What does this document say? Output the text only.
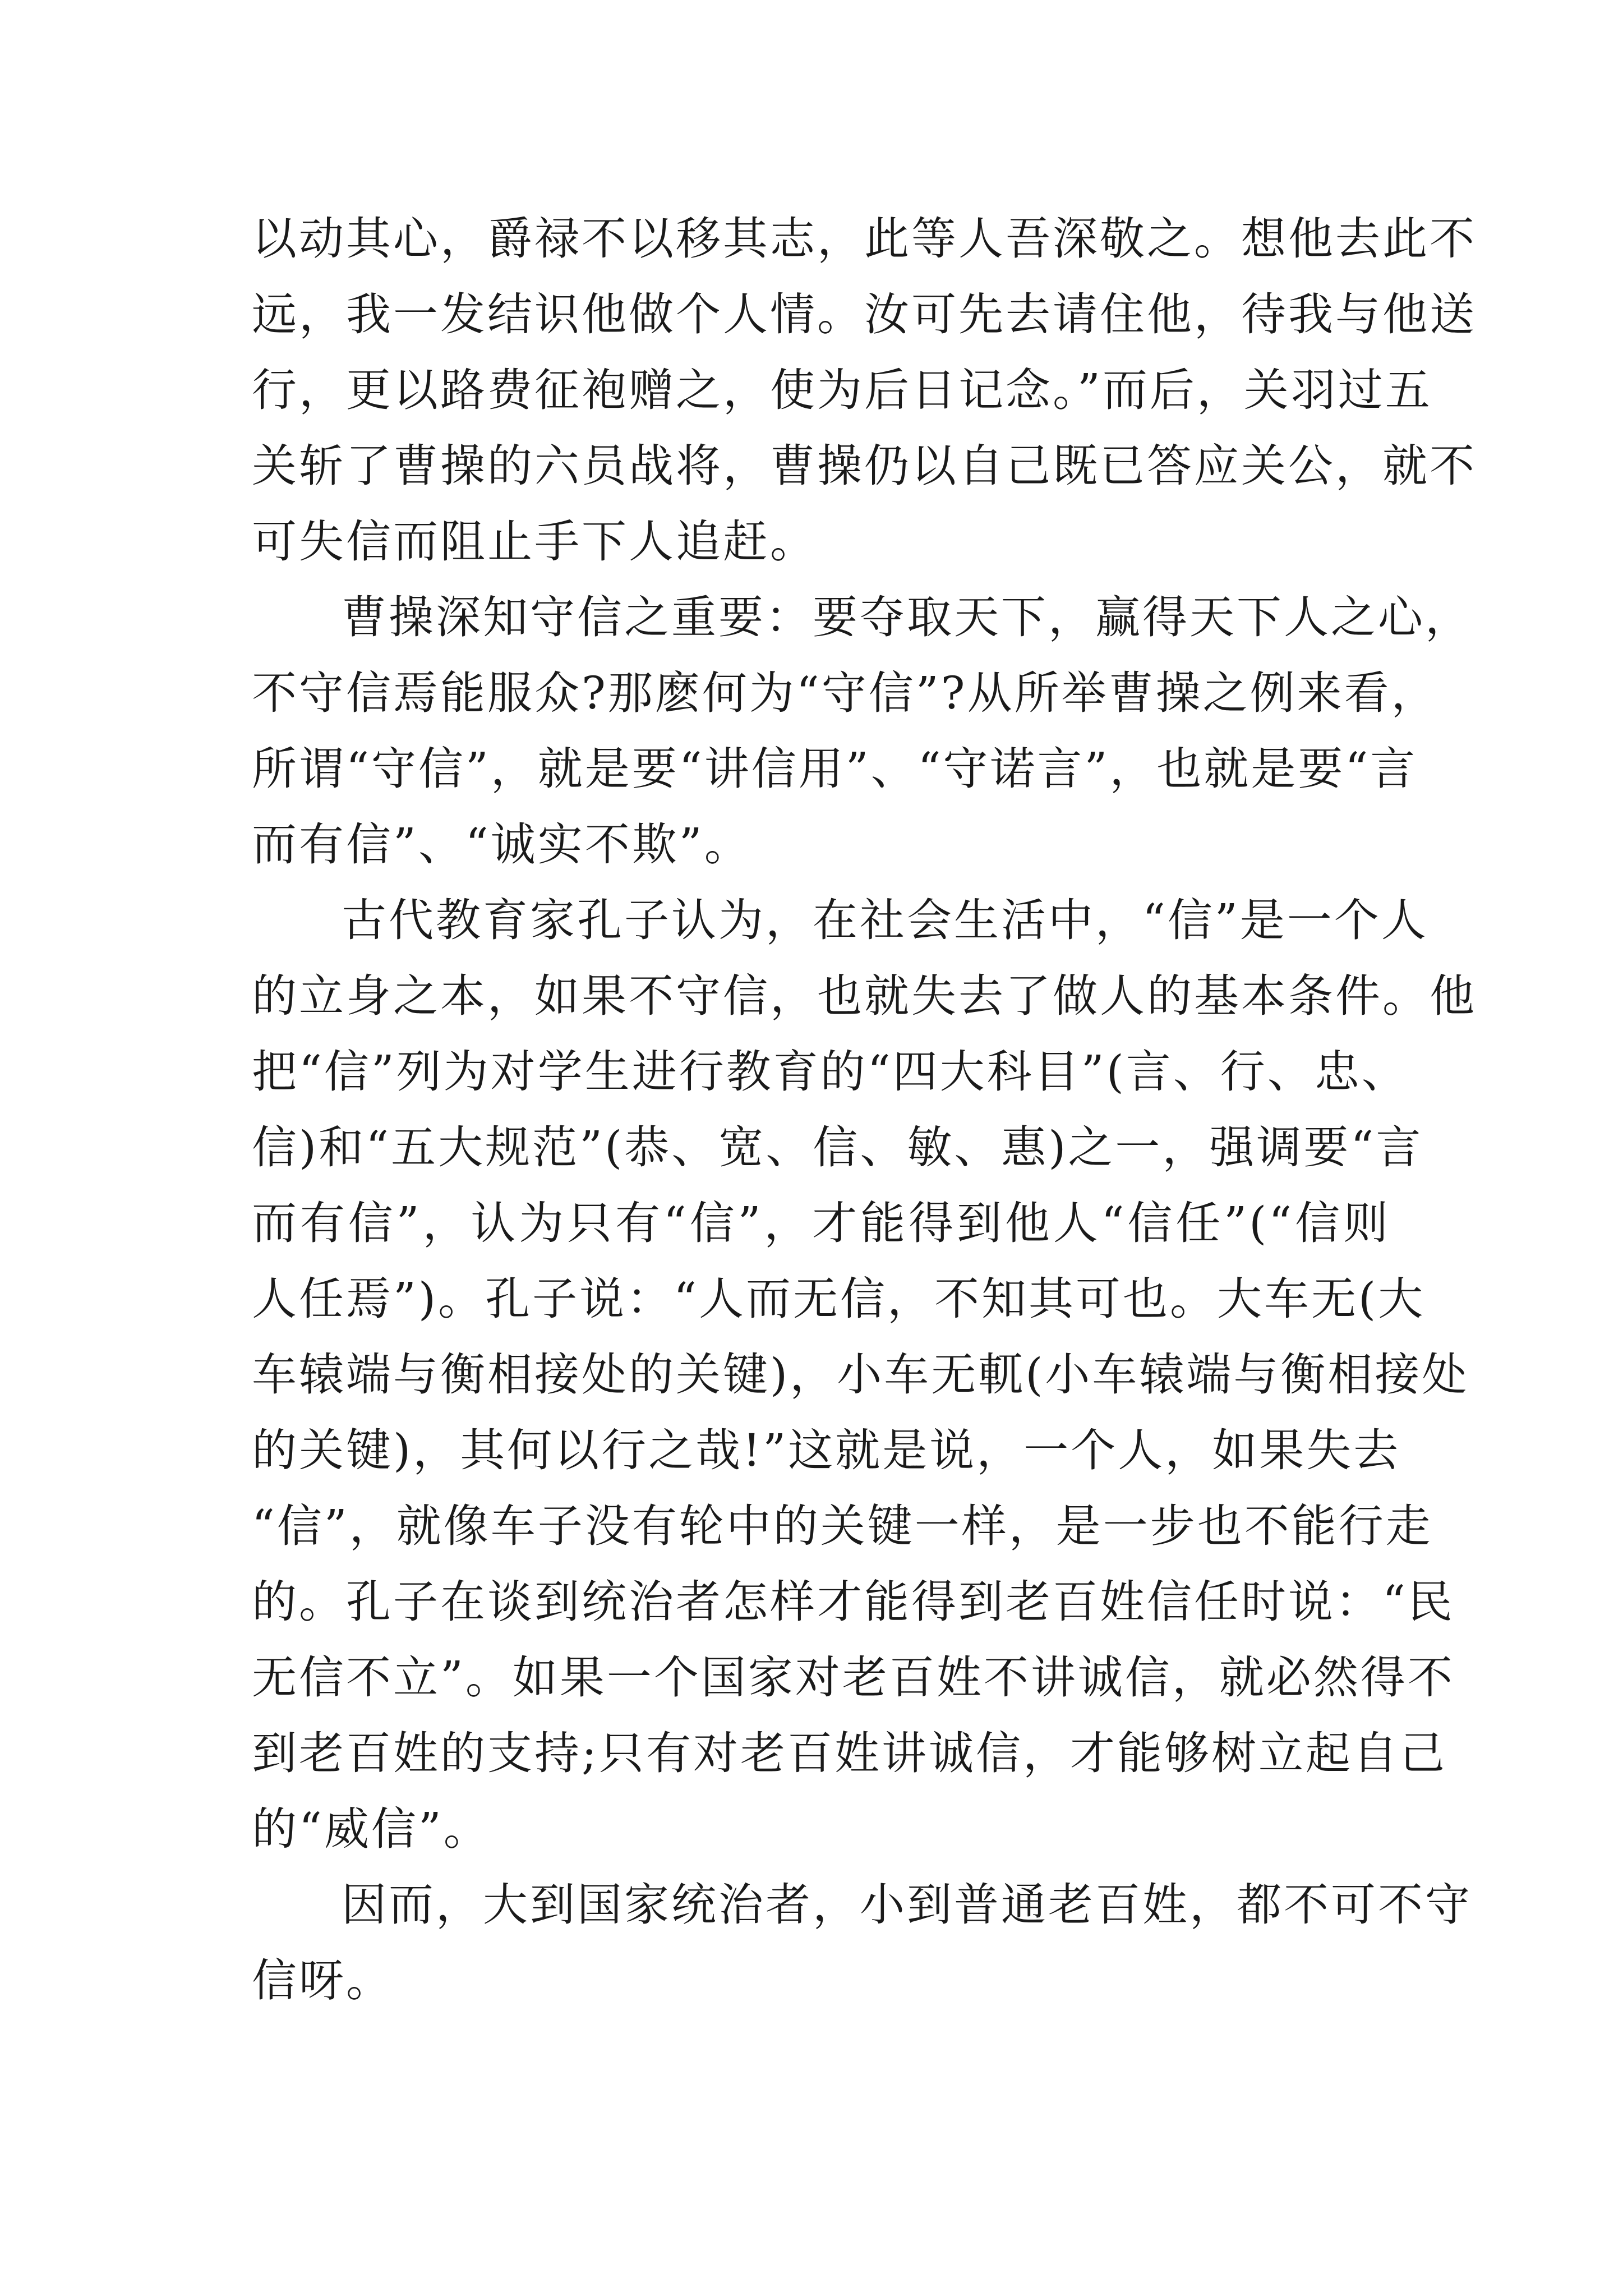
以动其心，爵禄不以移其志，此等人吾深敬之。想他去此不
远，我一发结识他做个人情。汝可先去请住他，待我与他送
行，更以路费征袍赠之，使为后日记念。”而后，关羽过五
关斩了曹操的六员战将，曹操仍以自己既已答应关公，就不
可失信而阻止手下人追赶。

曹操深知守信之重要：要夺取天下，赢得天下人之心，
不守信焉能服众?那麽何为“守信”?从所举曹操之例来看，
所谓“守信”，就是要“讲信用”、“守诺言”，也就是要“言
而有信”、“诚实不欺”。

古代教育家孔子认为，在社会生活中，“信”是一个人
的立身之本，如果不守信，也就失去了做人的基本条件。他
把“信”列为对学生进行教育的“四大科目”(言、行、忠、
信)和“五大规范”(恭、宽、信、敏、惠)之一，强调要“言
而有信”，认为只有“信”，才能得到他人“信任”(“信则
人任焉”)。孔子说：“人而无信，不知其可也。大车无(大
车辕端与衡相接处的关键)，小车无軏(小车辕端与衡相接处
的关键)，其何以行之哉!”这就是说，一个人，如果失去
“信”，就像车子没有轮中的关键一样，是一步也不能行走
的。孔子在谈到统治者怎样才能得到老百姓信任时说：“民
无信不立”。如果一个国家对老百姓不讲诚信，就必然得不
到老百姓的支持;只有对老百姓讲诚信，才能够树立起自己
的“威信”。

因而，大到国家统治者，小到普通老百姓，都不可不守
信呀。
